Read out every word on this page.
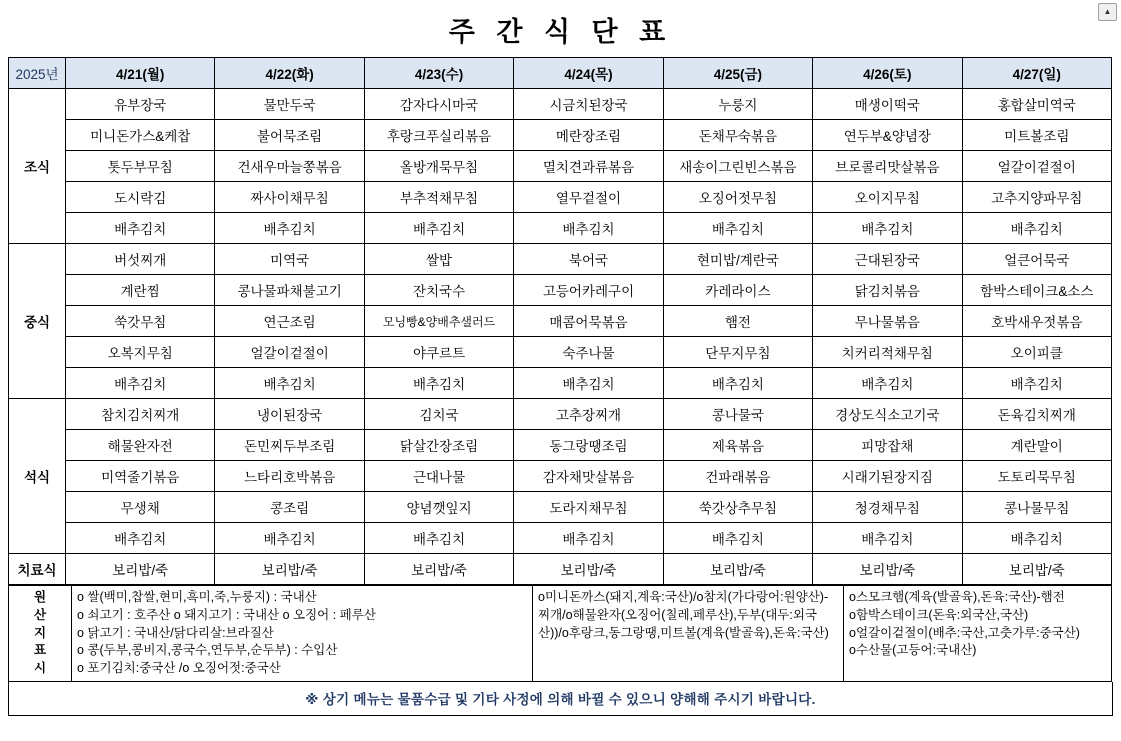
▲
주 간 식 단 표
2025년	4/21(월)	4/22(화)	4/23(수)	4/24(목)	4/25(금)	4/26(토)	4/27(일)
조식	유부장국	물만두국	감자다시마국	시금치된장국	누룽지	매생이떡국	홍합살미역국
	미니돈가스&케찹	불어묵조림	후랑크푸실리볶음	메란장조림	돈채무숙볶음	연두부&양념장	미트볼조림
	톳두부무침	건새우마늘쫑볶음	올방개묵무침	멸치견과류볶음	새송이그린빈스볶음	브로콜리맛살볶음	얼갈이겉절이
	도시락김	짜사이채무침	부추적채무침	열무겉절이	오징어젓무침	오이지무침	고추지양파무침
	배추김치	배추김치	배추김치	배추김치	배추김치	배추김치	배추김치
중식	버섯찌개	미역국	쌀밥	북어국	현미밥/계란국	근대된장국	얼큰어묵국
	계란찜	콩나물파채불고기	잔치국수	고등어카레구이	카레라이스	닭김치볶음	함박스테이크&소스
	쑥갓무침	연근조림	모닝빵&양배추샐러드	매콤어묵볶음	햄전	무나물볶음	호박새우젓볶음
	오복지무침	얼갈이겉절이	야쿠르트	숙주나물	단무지무침	치커리적채무침	오이피클
	배추김치	배추김치	배추김치	배추김치	배추김치	배추김치	배추김치
석식	참치김치찌개	냉이된장국	김치국	고추장찌개	콩나물국	경상도식소고기국	돈육김치찌개
	해물완자전	돈민찌두부조림	닭살간장조림	동그랑땡조림	제육볶음	피망잡채	계란말이
	미역줄기볶음	느타리호박볶음	근대나물	감자채맛살볶음	건파래볶음	시래기된장지짐	도토리묵무침
	무생채	콩조림	양념깻잎지	도라지채무침	쑥갓상추무침	청경채무침	콩나물무침
	배추김치	배추김치	배추김치	배추김치	배추김치	배추김치	배추김치
치료식	보리밥/죽	보리밥/죽	보리밥/죽	보리밥/죽	보리밥/죽	보리밥/죽	보리밥/죽
원
산
지
표
시	
ο 쌀(백미,찹쌀,현미,흑미,죽,누룽지) : 국내산
ο 쇠고기 : 호주산 ο 돼지고기 : 국내산 ο 오징어 : 페루산
ο 닭고기 : 국내산/닭다리살:브라질산
ο 콩(두부,콩비지,콩국수,연두부,순두부) : 수입산
ο 포기김치:중국산 /ο 오징어젓:중국산

ο미니돈까스(돼지,계육:국산)/ο참치(가다랑어:원양산)-찌개/ο해물완자(오징어(칠레,페루산),두부(대두:외국산))/ο후랑크,동그랑땡,미트볼(계육(발골육),돈육:국산)

ο스모크햄(계육(발골육),돈육:국산)-햄전
ο함박스테이크(돈육:외국산,국산)
ο얼갈이겉절이(배추:국산,고춧가루:중국산)
ο수산물(고등어:국내산)
※ 상기 메뉴는 물품수급 및 기타 사정에 의해 바뀔 수 있으니 양해해 주시기 바랍니다.
